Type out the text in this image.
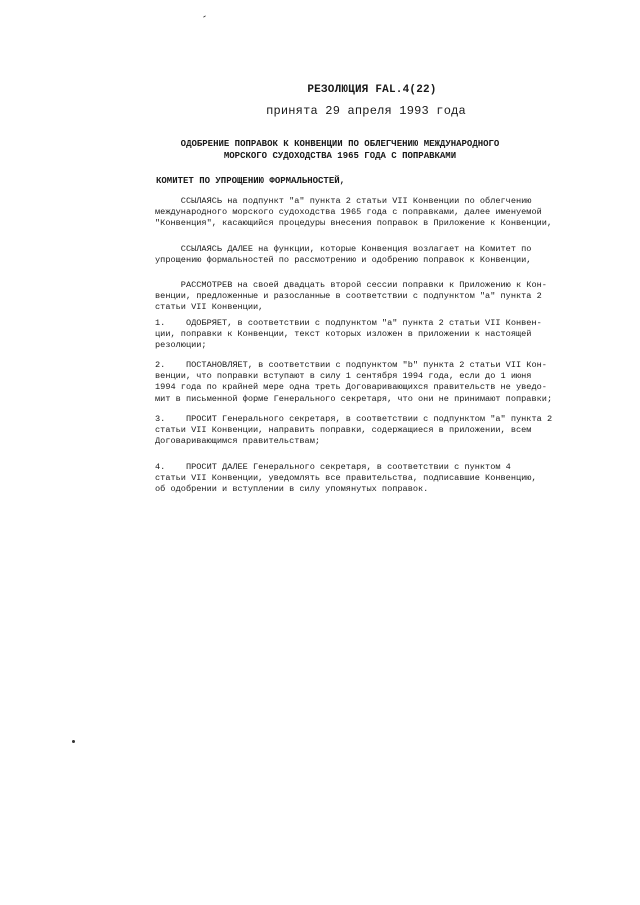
РЕЗОЛЮЦИЯ FAL.4(22)
принята 29 апреля 1993 года
ОДОБРЕНИЕ ПОПРАВОК К КОНВЕНЦИИ ПО ОБЛЕГЧЕНИЮ МЕЖДУНАРОДНОГО
МОРСКОГО СУДОХОДСТВА 1965 ГОДА С ПОПРАВКАМИ
КОМИТЕТ ПО УПРОЩЕНИЮ ФОРМАЛЬНОСТЕЙ,
ССЫЛАЯСЬ на подпункт "а" пункта 2 статьи VII Конвенции по облегчению
международного морского судоходства 1965 года с поправками, далее именуемой
"Конвенция", касающийся процедуры внесения поправок в Приложение к Конвенции,
ССЫЛАЯСЬ ДАЛЕЕ на функции, которые Конвенция возлагает на Комитет по
упрощению формальностей по рассмотрению и одобрению поправок к Конвенции,
РАССМОТРЕВ на своей двадцать второй сессии поправки к Приложению к Кон-
венции, предложенные и разосланные в соответствии с подпунктом "а" пункта 2
статьи VII Конвенции,
1.    ОДОБРЯЕТ, в соответствии с подпунктом "а" пункта 2 статьи VII Конвен-
ции, поправки к Конвенции, текст которых изложен в приложении к настоящей
резолюции;
2.    ПОСТАНОВЛЯЕТ, в соответствии с подпунктом "b" пункта 2 статьи VII Кон-
венции, что поправки вступают в силу 1 сентября 1994 года, если до 1 июня
1994 года по крайней мере одна треть Договаривающихся правительств не уведо-
мит в письменной форме Генерального секретаря, что они не принимают поправки;
3.    ПРОСИТ Генерального секретаря, в соответствии с подпунктом "а" пункта 2
статьи VII Конвенции, направить поправки, содержащиеся в приложении, всем
Договаривающимся правительствам;
4.    ПРОСИТ ДАЛЕЕ Генерального секретаря, в соответствии с пунктом 4
статьи VII Конвенции, уведомлять все правительства, подписавшие Конвенцию,
об одобрении и вступлении в силу упомянутых поправок.
